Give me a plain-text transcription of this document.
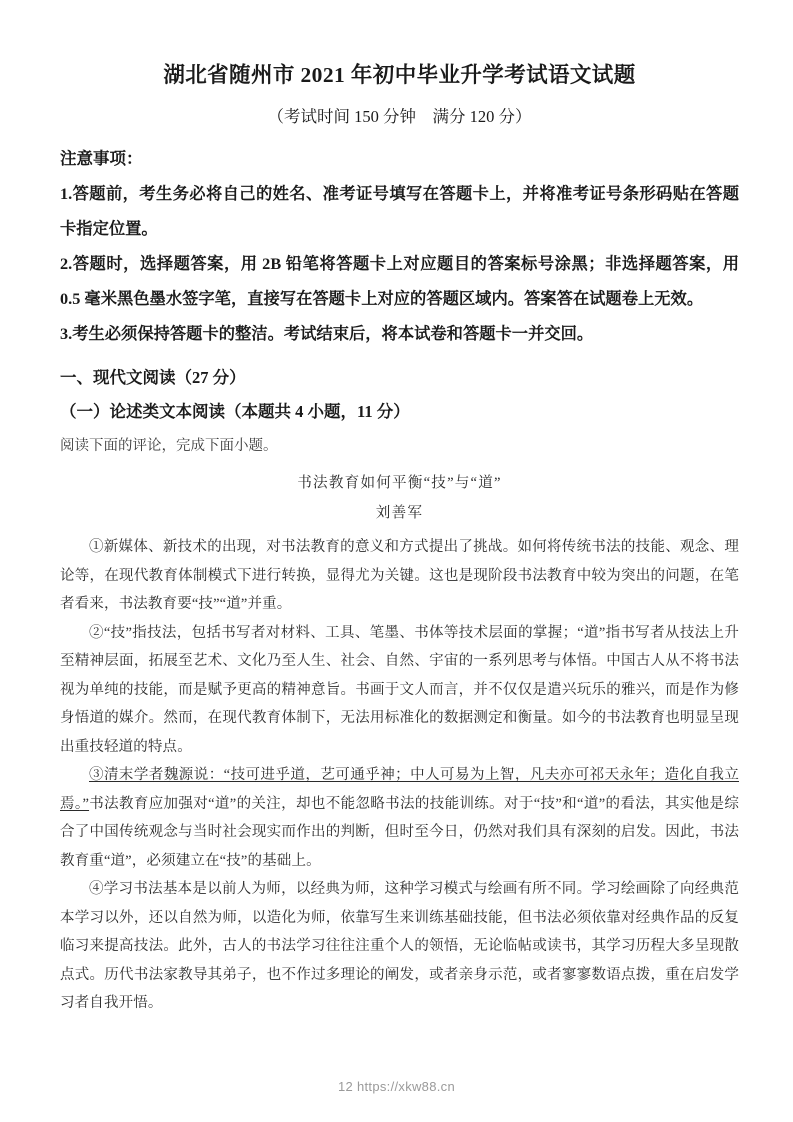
湖北省随州市 2021 年初中毕业升学考试语文试题
（考试时间 150 分钟　满分 120 分）
注意事项：
1.答题前，考生务必将自己的姓名、准考证号填写在答题卡上，并将准考证号条形码贴在答题卡指定位置。
2.答题时，选择题答案，用 2B 铅笔将答题卡上对应题目的答案标号涂黑；非选择题答案，用 0.5 毫米黑色墨水签字笔，直接写在答题卡上对应的答题区域内。答案答在试题卷上无效。
3.考生必须保持答题卡的整洁。考试结束后，将本试卷和答题卡一并交回。
一、现代文阅读（27 分）
（一）论述类文本阅读（本题共 4 小题，11 分）
阅读下面的评论，完成下面小题。
书法教育如何平衡“技”与“道”
刘善军

①新媒体、新技术的出现，对书法教育的意义和方式提出了挑战。如何将传统书法的技能、观念、理论等，在现代教育体制模式下进行转换，显得尤为关键。这也是现阶段书法教育中较为突出的问题，在笔者看来，书法教育要“技”“道”并重。

②“技”指技法，包括书写者对材料、工具、笔墨、书体等技术层面的掌握；“道”指书写者从技法上升至精神层面，拓展至艺术、文化乃至人生、社会、自然、宇宙的一系列思考与体悟。中国古人从不将书法视为单纯的技能，而是赋予更高的精神意旨。书画于文人而言，并不仅仅是遣兴玩乐的雅兴，而是作为修身悟道的媒介。然而，在现代教育体制下，无法用标准化的数据测定和衡量。如今的书法教育也明显呈现出重技轻道的特点。

③清末学者魏源说：“技可进乎道，艺可通乎神；中人可易为上智，凡夫亦可祁天永年；造化自我立焉。”书法教育应加强对“道”的关注，却也不能忽略书法的技能训练。对于“技”和“道”的看法，其实他是综合了中国传统观念与当时社会现实而作出的判断，但时至今日，仍然对我们具有深刻的启发。因此，书法教育重“道”，必须建立在“技”的基础上。

④学习书法基本是以前人为师，以经典为师，这种学习模式与绘画有所不同。学习绘画除了向经典范本学习以外，还以自然为师，以造化为师，依靠写生来训练基础技能，但书法必须依靠对经典作品的反复临习来提高技法。此外，古人的书法学习往往注重个人的领悟，无论临帖或读书，其学习历程大多呈现散点式。历代书法家教导其弟子，也不作过多理论的阐发，或者亲身示范，或者寥寥数语点拨，重在启发学习者自我开悟。

12 https://xkw88.cn
